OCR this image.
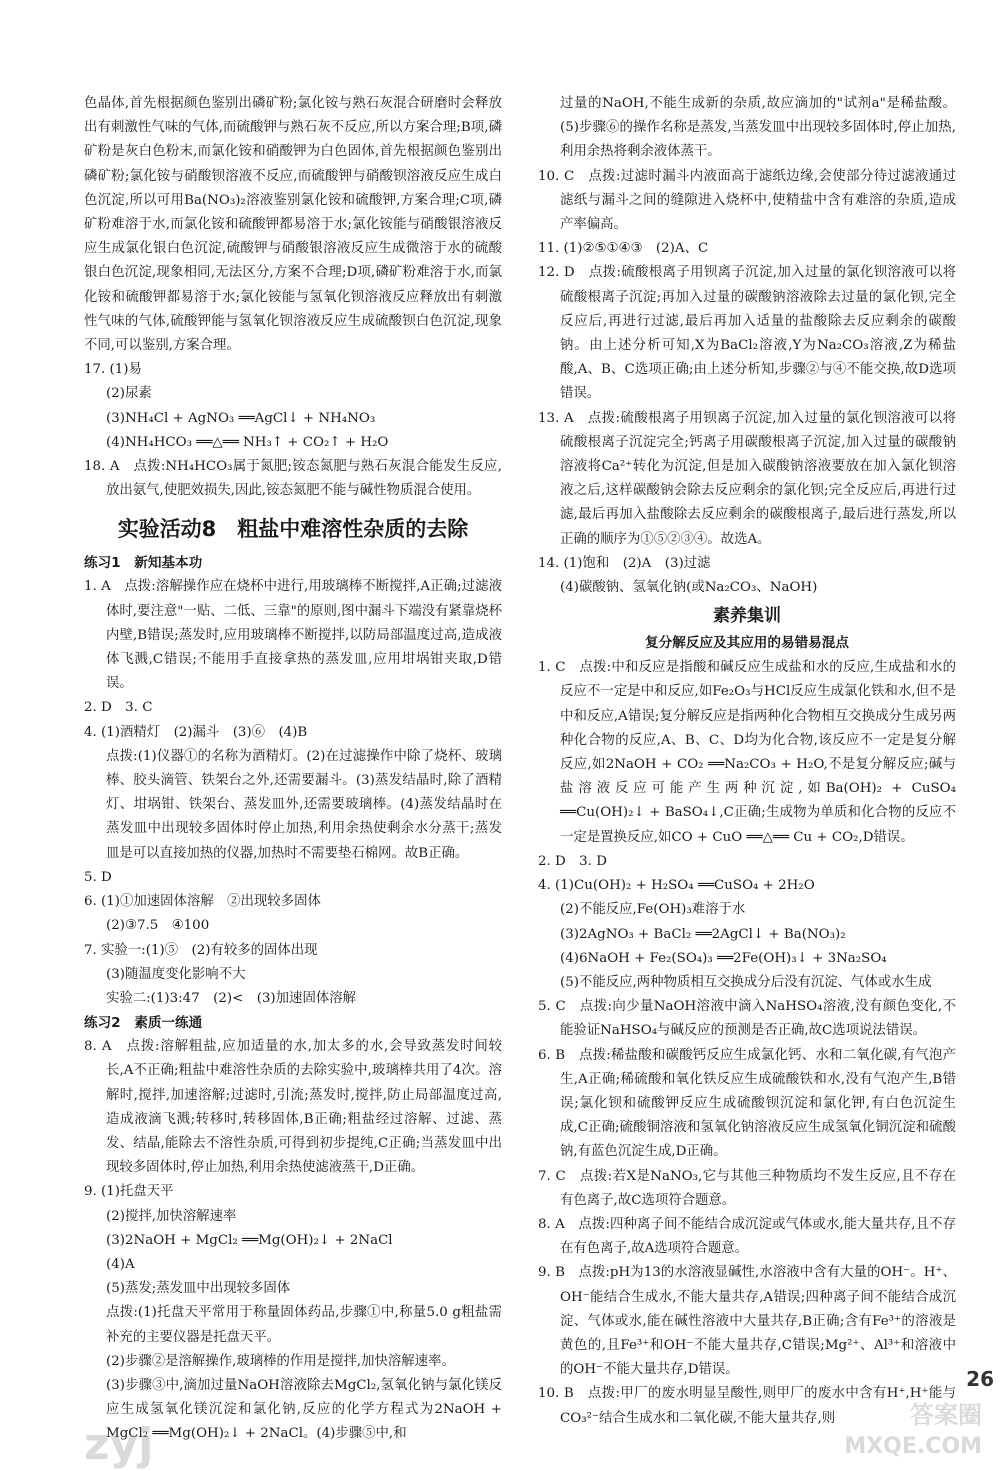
色晶体,首先根据颜色鉴别出磷矿粉;氯化铵与熟石灰混合研磨时会释放出有刺激性气味的气体,而硫酸钾与熟石灰不反应,所以方案合理;B项,磷矿粉是灰白色粉末,而氯化铵和硝酸钾为白色固体,首先根据颜色鉴别出磷矿粉;氯化铵与硝酸钡溶液不反应,而硫酸钾与硝酸钡溶液反应生成白色沉淀,所以可用Ba(NO₃)₂溶液鉴别氯化铵和硫酸钾,方案合理;C项,磷矿粉难溶于水,而氯化铵和硫酸钾都易溶于水;氯化铵能与硝酸银溶液反应生成氯化银白色沉淀,硫酸钾与硝酸银溶液反应生成微溶于水的硫酸银白色沉淀,现象相同,无法区分,方案不合理;D项,磷矿粉难溶于水,而氯化铵和硫酸钾都易溶于水;氯化铵能与氢氧化钡溶液反应释放出有刺激性气味的气体,硫酸钾能与氢氧化钡溶液反应生成硫酸钡白色沉淀,现象不同,可以鉴别,方案合理。

17. (1)易

(2)尿素

(3)NH₄Cl + AgNO₃ ══AgCl↓ + NH₄NO₃

(4)NH₄HCO₃ ══△══ NH₃↑ + CO₂↑ + H₂O

18. A　点拨:NH₄HCO₃属于氮肥;铵态氮肥与熟石灰混合能发生反应,放出氨气,使肥效损失,因此,铵态氮肥不能与碱性物质混合使用。

实验活动8　粗盐中难溶性杂质的去除

练习1　新知基本功

1. A　点拨:溶解操作应在烧杯中进行,用玻璃棒不断搅拌,A正确;过滤液体时,要注意"一贴、二低、三靠"的原则,图中漏斗下端没有紧靠烧杯内壁,B错误;蒸发时,应用玻璃棒不断搅拌,以防局部温度过高,造成液体飞溅,C错误;不能用手直接拿热的蒸发皿,应用坩埚钳夹取,D错误。

2. D　3. C

4. (1)酒精灯　(2)漏斗　(3)⑥　(4)B

点拨:(1)仪器①的名称为酒精灯。(2)在过滤操作中除了烧杯、玻璃棒、胶头滴管、铁架台之外,还需要漏斗。(3)蒸发结晶时,除了酒精灯、坩埚钳、铁架台、蒸发皿外,还需要玻璃棒。(4)蒸发结晶时在蒸发皿中出现较多固体时停止加热,利用余热使剩余水分蒸干;蒸发皿是可以直接加热的仪器,加热时不需要垫石棉网。故B正确。

5. D

6. (1)①加速固体溶解　②出现较多固体

(2)③7.5　④100

7. 实验一:(1)⑤　(2)有较多的固体出现

(3)随温度变化影响不大

实验二:(1)3:47　(2)<　(3)加速固体溶解

练习2　素质一练通

8. A　点拨:溶解粗盐,应加适量的水,加太多的水,会导致蒸发时间较长,A不正确;粗盐中难溶性杂质的去除实验中,玻璃棒共用了4次。溶解时,搅拌,加速溶解;过滤时,引流;蒸发时,搅拌,防止局部温度过高,造成液滴飞溅;转移时,转移固体,B正确;粗盐经过溶解、过滤、蒸发、结晶,能除去不溶性杂质,可得到初步提纯,C正确;当蒸发皿中出现较多固体时,停止加热,利用余热使滤液蒸干,D正确。

9. (1)托盘天平

(2)搅拌,加快溶解速率

(3)2NaOH + MgCl₂ ══Mg(OH)₂↓ + 2NaCl

(4)A

(5)蒸发;蒸发皿中出现较多固体

点拨:(1)托盘天平常用于称量固体药品,步骤①中,称量5.0 g粗盐需补充的主要仪器是托盘天平。

(2)步骤②是溶解操作,玻璃棒的作用是搅拌,加快溶解速率。

(3)步骤③中,滴加过量NaOH溶液除去MgCl₂,氢氧化钠与氯化镁反应生成氢氧化镁沉淀和氯化钠,反应的化学方程式为2NaOH + MgCl₂ ══Mg(OH)₂↓ + 2NaCl。(4)步骤⑤中,和

过量的NaOH,不能生成新的杂质,故应滴加的"试剂a"是稀盐酸。(5)步骤⑥的操作名称是蒸发,当蒸发皿中出现较多固体时,停止加热,利用余热将剩余液体蒸干。

10. C　点拨:过滤时漏斗内液面高于滤纸边缘,会使部分待过滤液通过滤纸与漏斗之间的缝隙进入烧杯中,使精盐中含有难溶的杂质,造成产率偏高。

11. (1)②⑤①④③　(2)A、C

12. D　点拨:硫酸根离子用钡离子沉淀,加入过量的氯化钡溶液可以将硫酸根离子沉淀;再加入过量的碳酸钠溶液除去过量的氯化钡,完全反应后,再进行过滤,最后再加入适量的盐酸除去反应剩余的碳酸钠。由上述分析可知,X为BaCl₂溶液,Y为Na₂CO₃溶液,Z为稀盐酸,A、B、C选项正确;由上述分析知,步骤②与④不能交换,故D选项错误。

13. A　点拨:硫酸根离子用钡离子沉淀,加入过量的氯化钡溶液可以将硫酸根离子沉淀完全;钙离子用碳酸根离子沉淀,加入过量的碳酸钠溶液将Ca²⁺转化为沉淀,但是加入碳酸钠溶液要放在加入氯化钡溶液之后,这样碳酸钠会除去反应剩余的氯化钡;完全反应后,再进行过滤,最后再加入盐酸除去反应剩余的碳酸根离子,最后进行蒸发,所以正确的顺序为①⑤②③④。故选A。

14. (1)饱和　(2)A　(3)过滤

(4)碳酸钠、氢氧化钠(或Na₂CO₃、NaOH)

素养集训

复分解反应及其应用的易错易混点

1. C　点拨:中和反应是指酸和碱反应生成盐和水的反应,生成盐和水的反应不一定是中和反应,如Fe₂O₃与HCl反应生成氯化铁和水,但不是中和反应,A错误;复分解反应是指两种化合物相互交换成分生成另两种化合物的反应,A、B、C、D均为化合物,该反应不一定是复分解反应,如2NaOH + CO₂ ══Na₂CO₃ + H₂O,不是复分解反应;碱与盐溶液反应可能产生两种沉淀,如Ba(OH)₂ + CuSO₄ ══Cu(OH)₂↓ + BaSO₄↓,C正确;生成物为单质和化合物的反应不一定是置换反应,如CO + CuO ══△══ Cu + CO₂,D错误。

2. D　3. D

4. (1)Cu(OH)₂ + H₂SO₄ ══CuSO₄ + 2H₂O

(2)不能反应,Fe(OH)₃难溶于水

(3)2AgNO₃ + BaCl₂ ══2AgCl↓ + Ba(NO₃)₂

(4)6NaOH + Fe₂(SO₄)₃ ══2Fe(OH)₃↓ + 3Na₂SO₄

(5)不能反应,两种物质相互交换成分后没有沉淀、气体或水生成

5. C　点拨:向少量NaOH溶液中滴入NaHSO₄溶液,没有颜色变化,不能验证NaHSO₄与碱反应的预测是否正确,故C选项说法错误。

6. B　点拨:稀盐酸和碳酸钙反应生成氯化钙、水和二氧化碳,有气泡产生,A正确;稀硫酸和氧化铁反应生成硫酸铁和水,没有气泡产生,B错误;氯化钡和硫酸钾反应生成硫酸钡沉淀和氯化钾,有白色沉淀生成,C正确;硫酸铜溶液和氢氧化钠溶液反应生成氢氧化铜沉淀和硫酸钠,有蓝色沉淀生成,D正确。

7. C　点拨:若X是NaNO₃,它与其他三种物质均不发生反应,且不存在有色离子,故C选项符合题意。

8. A　点拨:四种离子间不能结合成沉淀或气体或水,能大量共存,且不存在有色离子,故A选项符合题意。

9. B　点拨:pH为13的水溶液显碱性,水溶液中含有大量的OH⁻。H⁺、OH⁻能结合生成水,不能大量共存,A错误;四种离子间不能结合成沉淀、气体或水,能在碱性溶液中大量共存,B正确;含有Fe³⁺的溶液是黄色的,且Fe³⁺和OH⁻不能大量共存,C错误;Mg²⁺、Al³⁺和溶液中的OH⁻不能大量共存,D错误。

10. B　点拨:甲厂的废水明显呈酸性,则甲厂的废水中含有H⁺,H⁺能与CO₃²⁻结合生成水和二氧化碳,不能大量共存,则

26
zyj
答案圈
MXQE.COM
